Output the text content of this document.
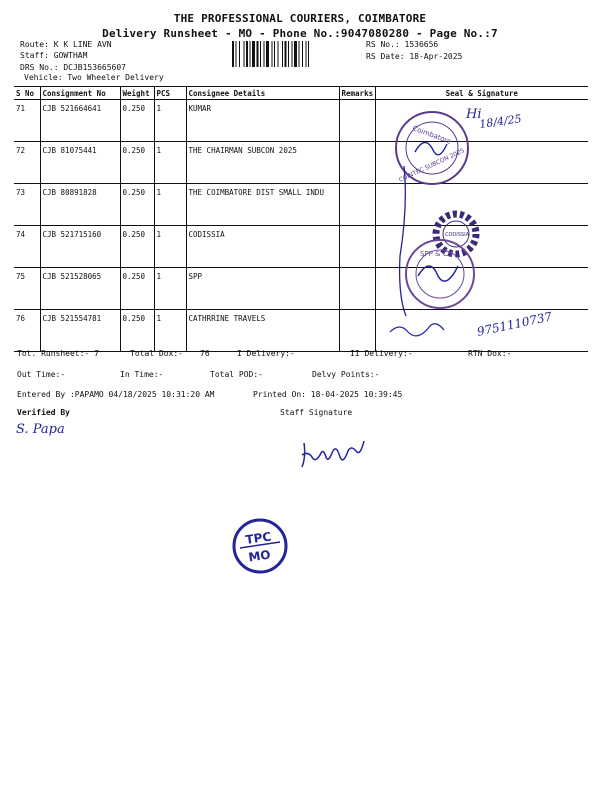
THE PROFESSIONAL COURIERS, COIMBATORE
Delivery Runsheet - MO - Phone No.:9047080280 - Page No.:7
Route: K K LINE AVN
Staff: GOWTHAM
DRS No.: DCJB153665607
Vehicle: Two Wheeler Delivery
RS No.: 1536656
RS Date: 18-Apr-2025
S No	Consignment No	Weight	PCS	Consignee Details	Remarks	Seal & Signature
71	CJB 521664641	0.250	1	KUMAR		
72	CJB 81075441	0.250	1	THE CHAIRMAN SUBCON 2025		
73	CJB 80891828	0.250	1	THE COIMBATORE DIST SMALL INDU		
74	CJB 521715160	0.250	1	CODISSIA		
75	CJB 521528065	0.250	1	SPP		
76	CJB 521554781	0.250	1	CATHRRINE TRAVELS		
Hi
18/4/25
Coimbatore
COINTEC SUBCON 2025
CODISSIA
SPP & Co
9751110737
Tot. Runsheet:- 7	Total Dox:- 76	I Delivery:-	II Delivery:-	RTN Dox:-
Out Time:-	In Time:-	Total POD:-	Delvy Points:-
Entered By :PAPAMO 04/18/2025 10:31:20 AM	Printed On: 18-04-2025 10:39:45
Verified By	Staff Signature
S. Papa
TPC
MO
